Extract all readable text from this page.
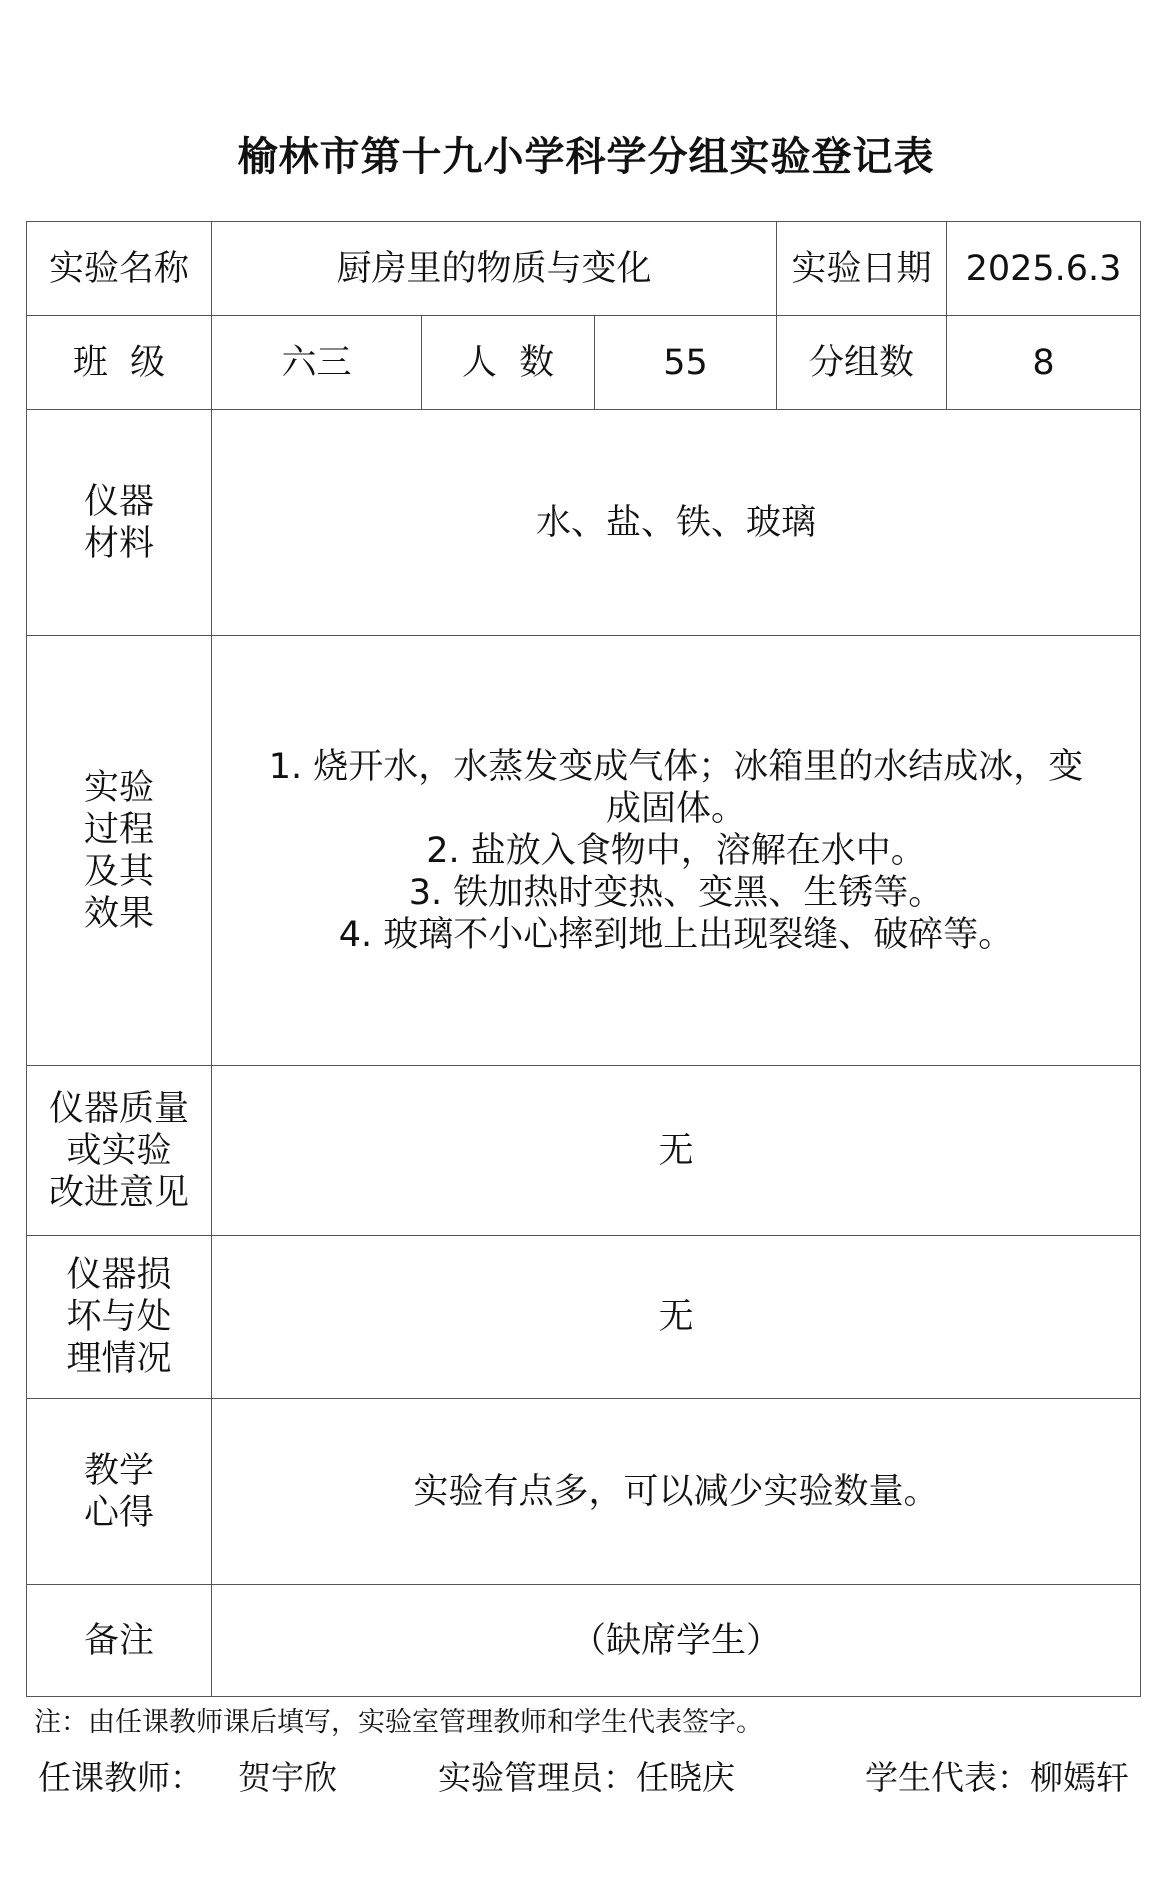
榆林市第十九小学科学分组实验登记表
实验名称	厨房里的物质与变化			实验日期	2025.6.3
班  级	六三	人  数	55	分组数	8

仪器
材料	水、盐、铁、玻璃				

实验
过程
及其
效果	1. 烧开水，水蒸发变成气体；冰箱里的水结成冰，变
成固体。
2. 盐放入食物中，溶解在水中。
3. 铁加热时变热、变黑、生锈等。
4. 玻璃不小心摔到地上出现裂缝、破碎等。				

仪器质量
或实验
改进意见	无				

仪器损
坏与处
理情况	无				

教学
心得	实验有点多，可以减少实验数量。				
备注	（缺席学生）				
注：由任课教师课后填写，实验室管理教师和学生代表签字。
任课教师： 贺宇欣	实验管理员：任晓庆	学生代表：柳嫣轩
